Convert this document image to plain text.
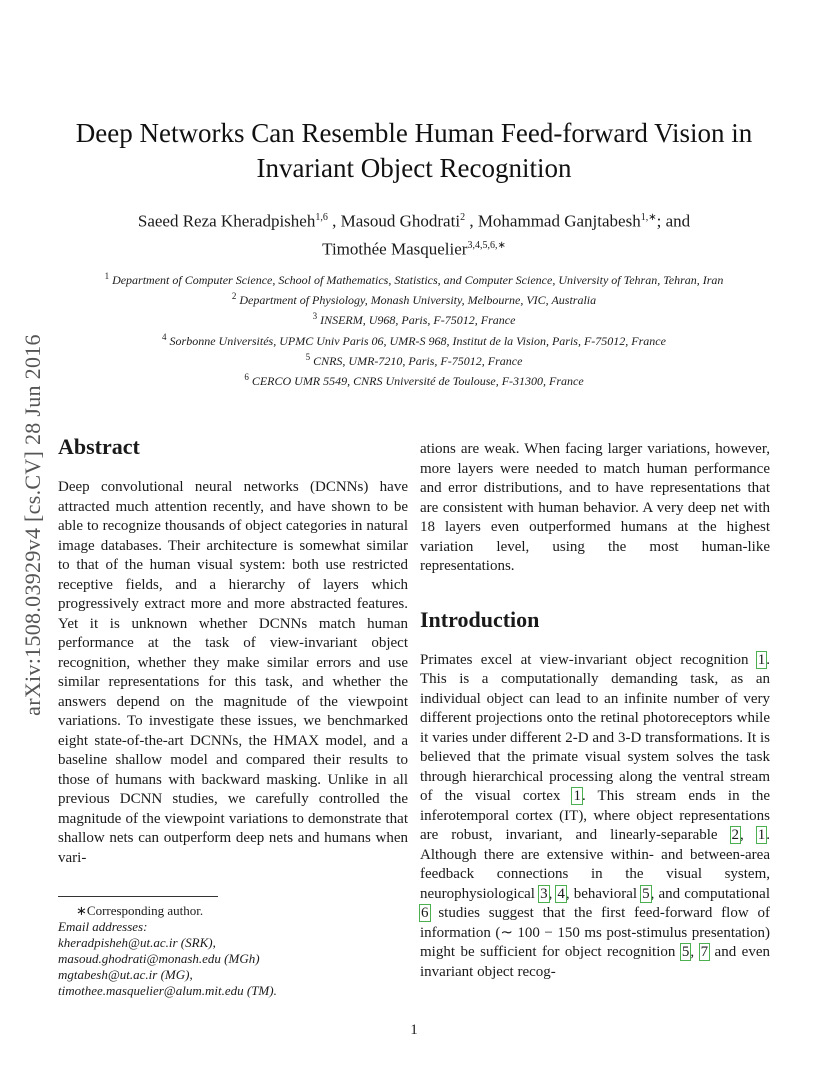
arXiv:1508.03929v4 [cs.CV] 28 Jun 2016
Deep Networks Can Resemble Human Feed-forward Vision in
Invariant Object Recognition
Saeed Reza Kheradpisheh$^{1,6}$ , Masoud Ghodrati$^2$ , Mohammad Ganjtabesh$^{1,∗}$; and
Timothée Masquelier$^{3,4,5,6,∗}$
$^1$ Department of Computer Science, School of Mathematics, Statistics, and Computer Science, University of Tehran, Tehran, Iran
$^2$ Department of Physiology, Monash University, Melbourne, VIC, Australia
$^3$ INSERM, U968, Paris, F-75012, France
$^4$ Sorbonne Universités, UPMC Univ Paris 06, UMR-S 968, Institut de la Vision, Paris, F-75012, France
$^5$ CNRS, UMR-7210, Paris, F-75012, France
$^6$ CERCO UMR 5549, CNRS Université de Toulouse, F-31300, France
Abstract

Deep convolutional neural networks (DCNNs) have attracted much attention recently, and have shown to be able to recognize thousands of object categories in natural image databases. Their architecture is somewhat similar to that of the human visual system: both use restricted receptive fields, and a hierarchy of layers which progressively extract more and more abstracted features. Yet it is unknown whether DCNNs match human performance at the task of view-invariant object recognition, whether they make similar errors and use similar representations for this task, and whether the answers depend on the magnitude of the viewpoint variations. To investigate these issues, we benchmarked eight state-of-the-art DCNNs, the HMAX model, and a baseline shallow model and compared their results to those of humans with backward masking. Unlike in all previous DCNN studies, we carefully controlled the magnitude of the viewpoint variations to demonstrate that shallow nets can outperform deep nets and humans when vari-

ations are weak. When facing larger variations, however, more layers were needed to match human performance and error distributions, and to have representations that are consistent with human behavior. A very deep net with 18 layers even outperformed humans at the highest variation level, using the most human-like representations.

Introduction

Primates excel at view-invariant object recognition 1. This is a computationally demanding task, as an individual object can lead to an infinite number of very different projections onto the retinal photoreceptors while it varies under different 2-D and 3-D transformations. It is believed that the primate visual system solves the task through hierarchical processing along the ventral stream of the visual cortex 1. This stream ends in the inferotemporal cortex (IT), where object representations are robust, invariant, and linearly-separable 2, 1. Although there are extensive within- and between-area feedback connections in the visual system, neurophysiological 3, 4, behavioral 5, and computational 6 studies suggest that the first feed-forward flow of information (∼ 100 − 150 ms post-stimulus presentation) might be sufficient for object recognition 5, 7 and even invariant object recog-

∗Corresponding author.
Email addresses:
kheradpisheh@ut.ac.ir (SRK),
masoud.ghodrati@monash.edu (MGh)
mgtabesh@ut.ac.ir (MG),
timothee.masquelier@alum.mit.edu (TM).
1
